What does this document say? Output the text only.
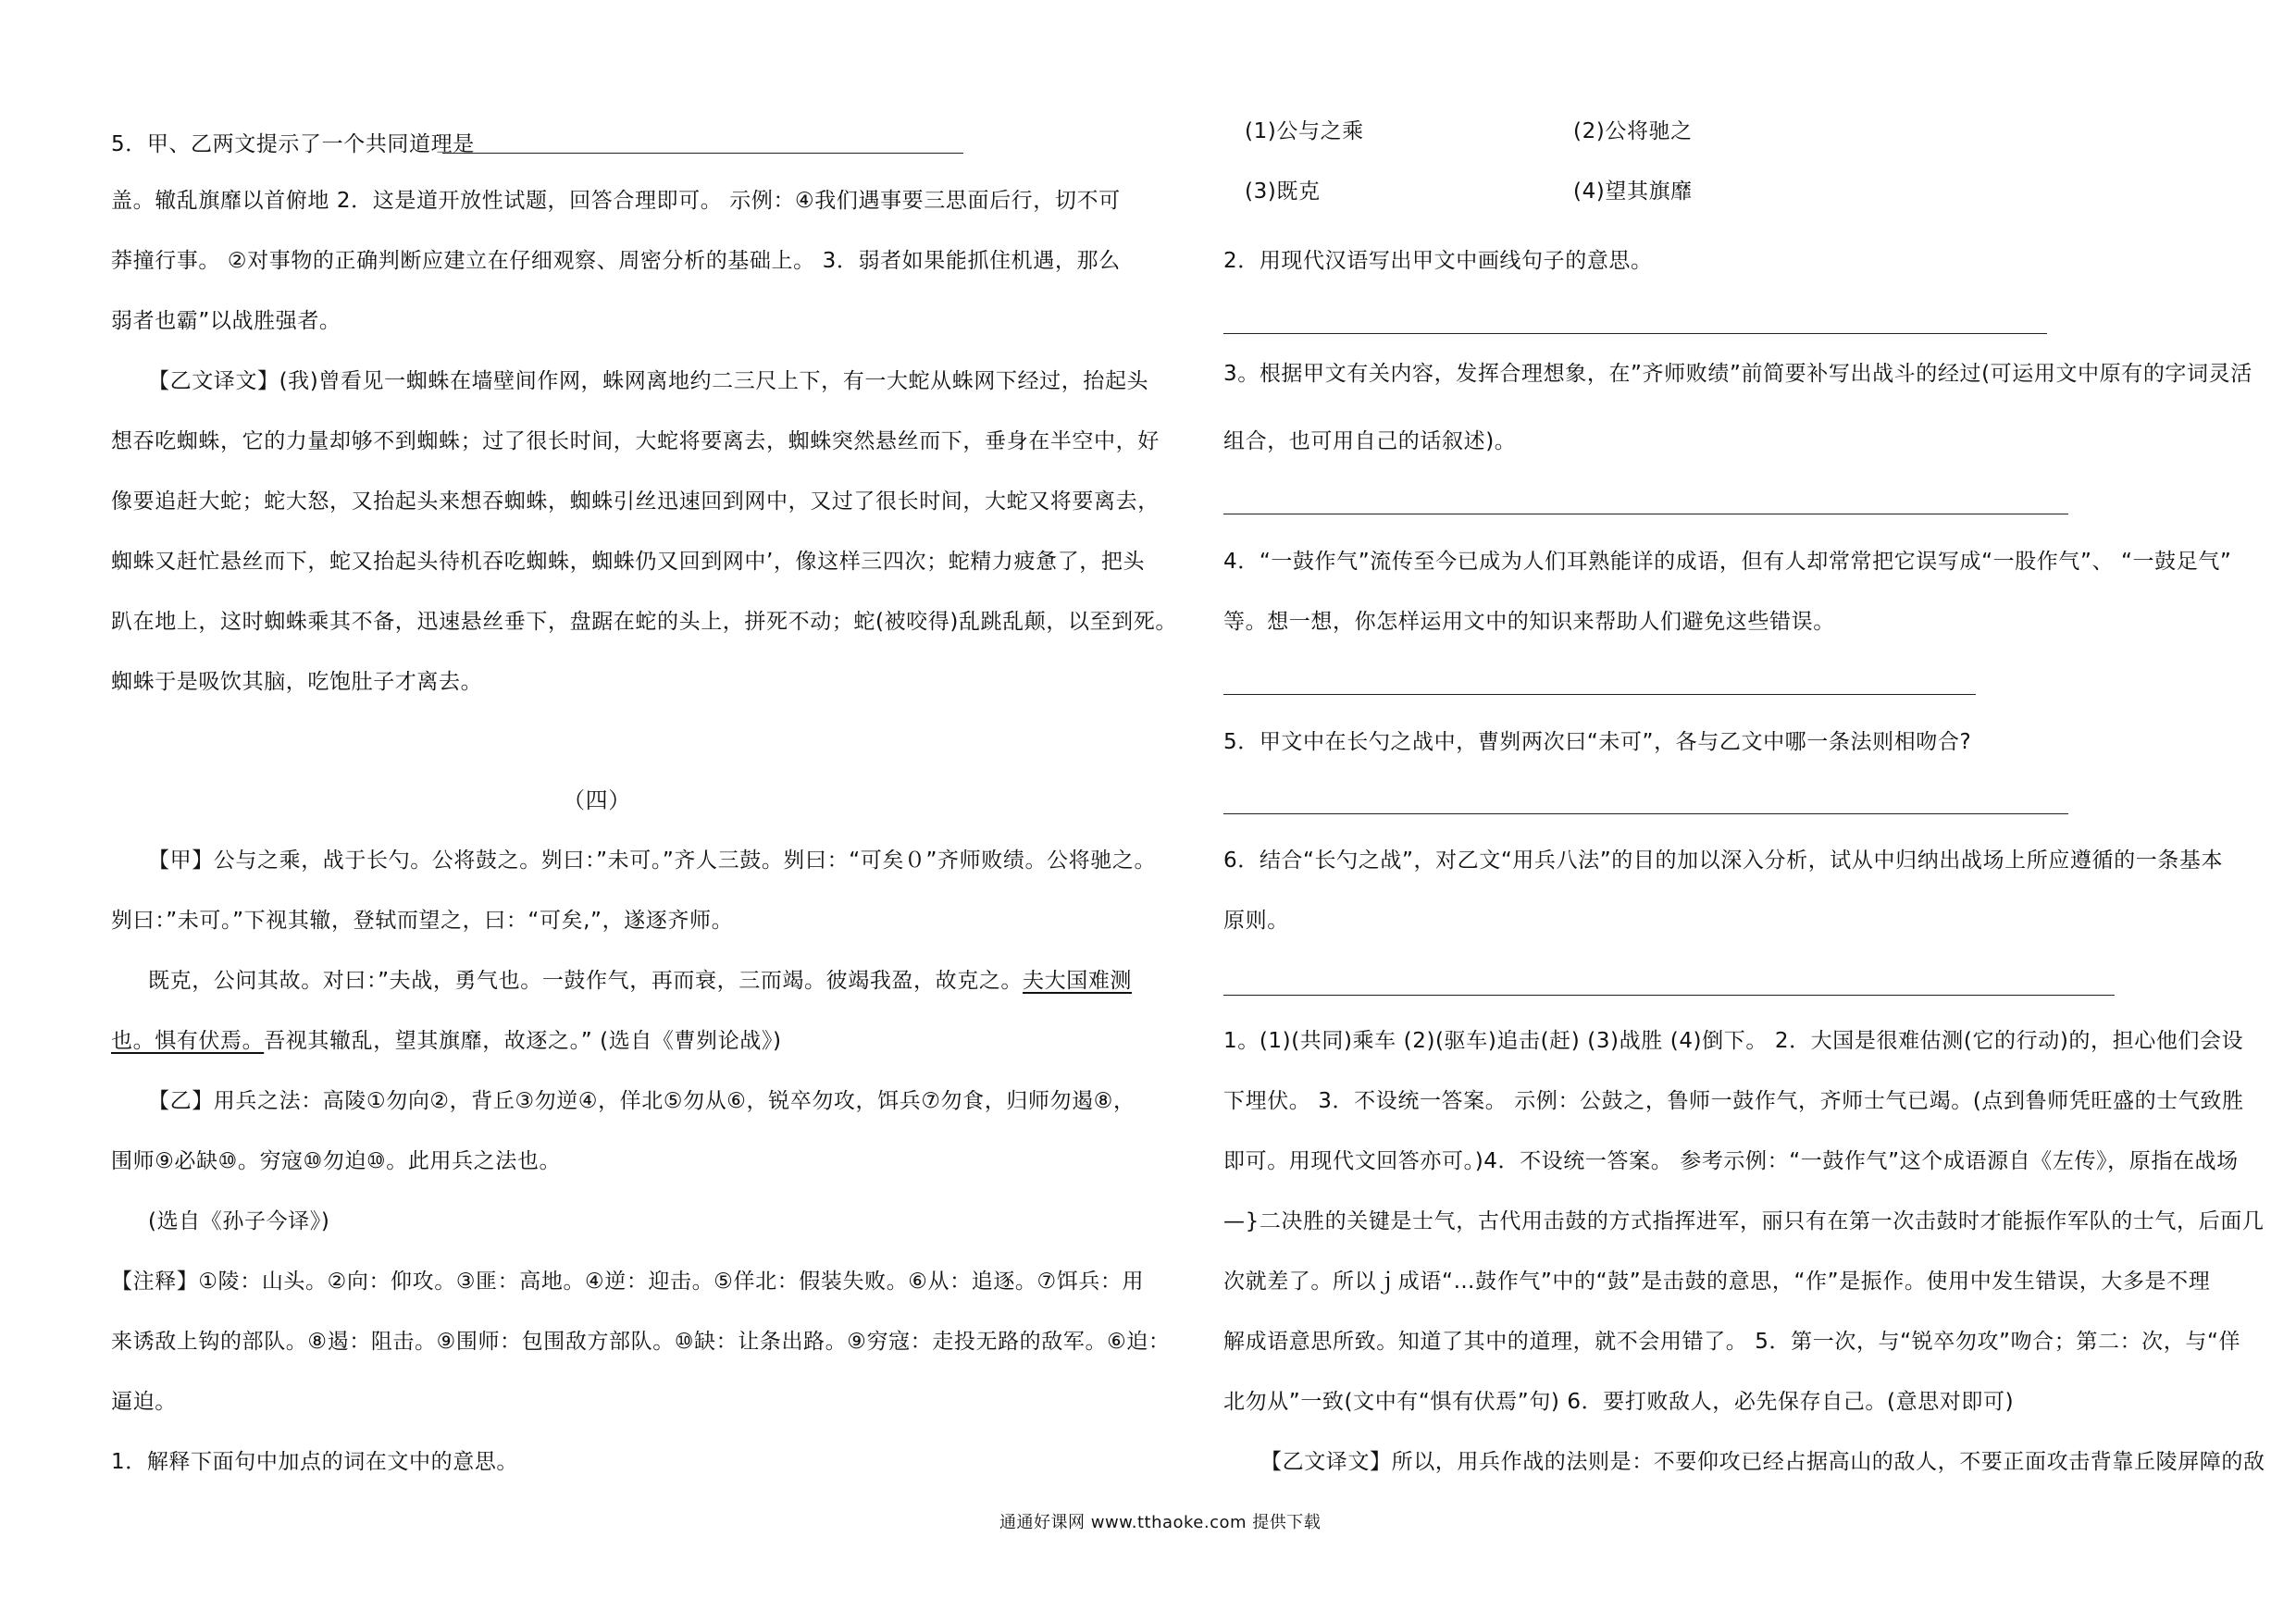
5．甲、乙两文提示了一个共同道理是
盖。辙乱旗靡以首俯地 2．这是道开放性试题，回答合理即可。 示例：④我们遇事要三思面后行，切不可
莽撞行事。 ②对事物的正确判断应建立在仔细观察、周密分析的基础上。 3．弱者如果能抓住机遇，那么
弱者也霸”以战胜强者。
【乙文译文】(我)曾看见一蜘蛛在墙壁间作网，蛛网离地约二三尺上下，有一大蛇从蛛网下经过，抬起头
想吞吃蜘蛛，它的力量却够不到蜘蛛；过了很长时间，大蛇将要离去，蜘蛛突然悬丝而下，垂身在半空中，好
像要追赶大蛇；蛇大怒，又抬起头来想吞蜘蛛，蜘蛛引丝迅速回到网中，又过了很长时间，大蛇又将要离去，
蜘蛛又赶忙悬丝而下，蛇又抬起头待机吞吃蜘蛛，蜘蛛仍又回到网中’，像这样三四次；蛇精力疲惫了，把头
趴在地上，这时蜘蛛乘其不备，迅速悬丝垂下，盘踞在蛇的头上，拼死不动；蛇(被咬得)乱跳乱颠，以至到死。
蜘蛛于是吸饮其脑，吃饱肚子才离去。
（四）
【甲】公与之乘，战于长勺。公将鼓之。刿曰：”未可。”齐人三鼓。刿曰：“可矣０”齐师败绩。公将驰之。
刿曰：”未可。”下视其辙，登轼而望之，曰：“可矣,”，遂逐齐师。
既克，公问其故。对曰：”夫战，勇气也。一鼓作气，再而衰，三而竭。彼竭我盈，故克之。夫大国难测
也。惧有伏焉。吾视其辙乱，望其旗靡，故逐之。” (选自《曹刿论战》)
【乙】用兵之法：高陵①勿向②，背丘③勿逆④，佯北⑤勿从⑥，锐卒勿攻，饵兵⑦勿食，归师勿遏⑧，
围师⑨必缺⑩。穷寇⑩勿迫⑩。此用兵之法也。
(选自《孙子今译》)
【注释】①陵：山头。②向：仰攻。③匪：高地。④逆：迎击。⑤佯北：假装失败。⑥从：追逐。⑦饵兵：用
来诱敌上钩的部队。⑧遏：阻击。⑨围师：包围敌方部队。⑩缺：让条出路。⑨穷寇：走投无路的敌军。⑥迫：
逼迫。
1．解释下面句中加点的词在文中的意思。
(1)公与之乘	(2)公将驰之
(3)既克	(4)望其旗靡
2．用现代汉语写出甲文中画线句子的意思。
3。根据甲文有关内容，发挥合理想象，在”齐师败绩”前简要补写出战斗的经过(可运用文中原有的字词灵活
组合，也可用自己的话叙述)。
4．“一鼓作气”流传至今已成为人们耳熟能详的成语，但有人却常常把它误写成“一股作气”、 “一鼓足气”
等。想一想，你怎样运用文中的知识来帮助人们避免这些错误。
5．甲文中在长勺之战中，曹刿两次曰“未可”，各与乙文中哪一条法则相吻合?
6．结合“长勺之战”，对乙文“用兵八法”的目的加以深入分析，试从中归纳出战场上所应遵循的一条基本
原则。
1。(1)(共同)乘车 (2)(驱车)追击(赶) (3)战胜 (4)倒下。 2．大国是很难估测(它的行动)的，担心他们会设
下埋伏。 3．不设统一答案。 示例：公鼓之，鲁师一鼓作气，齐师士气已竭。(点到鲁师凭旺盛的士气致胜
即可。用现代文回答亦可。)4．不设统一答案。 参考示例：“一鼓作气”这个成语源自《左传》，原指在战场
—}二决胜的关键是士气，古代用击鼓的方式指挥进军，丽只有在第一次击鼓时才能振作军队的士气，后面几
次就差了。所以ｊ成语“…鼓作气”中的“鼓”是击鼓的意思，“作”是振作。使用中发生错误，大多是不理
解成语意思所致。知道了其中的道理，就不会用错了。 5．第一次，与“锐卒勿攻”吻合；第二：次，与“佯
北勿从”一致(文中有“惧有伏焉”句) 6．要打败敌人，必先保存自己。(意思对即可)
【乙文译文】所以，用兵作战的法则是：不要仰攻已经占据高山的敌人，不要正面攻击背靠丘陵屏障的敌
通通好课网 www.tthaoke.com 提供下载
